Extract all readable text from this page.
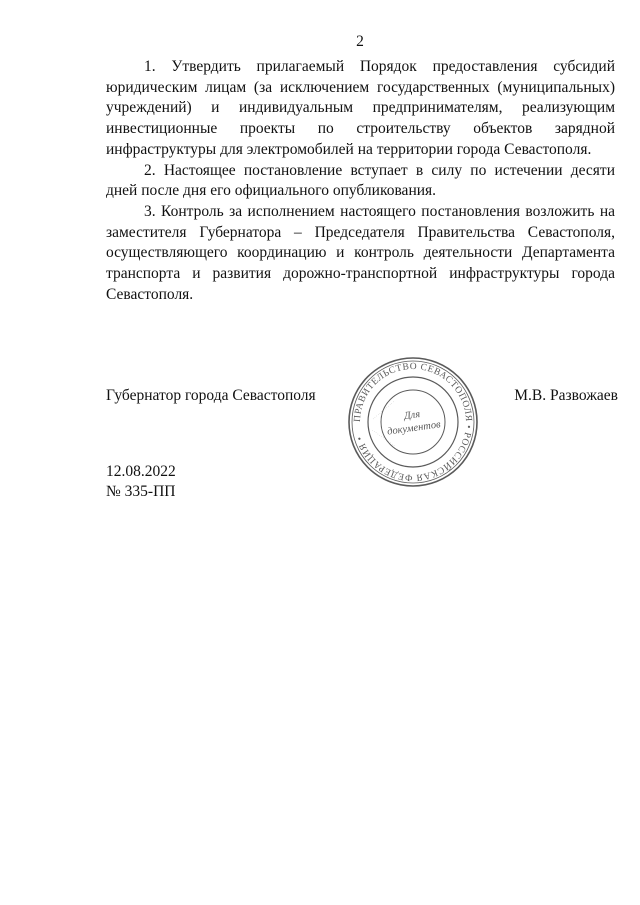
2

1. Утвердить прилагаемый Порядок предоставления субсидий юридическим лицам (за исключением государственных (муниципальных) учреждений) и индивидуальным предпринимателям, реализующим инвестиционные проекты по строительству объектов зарядной инфраструктуры для электромобилей на территории города Севастополя.

2. Настоящее постановление вступает в силу по истечении десяти дней после дня его официального опубликования.

3. Контроль за исполнением настоящего постановления возложить на заместителя Губернатора – Председателя Правительства Севастополя, осуществляющего координацию и контроль деятельности Департамента транспорта и развития дорожно-транспортной инфраструктуры города Севастополя.

Губернатор города Севастополя	М.В. Развожаев
ПРАВИТЕЛЬСТВО СЕВАСТОПОЛЯ • РОССИЙСКАЯ ФЕДЕРАЦИЯ •
Для
документов
· · · · · · · · · · · · ·
· · · · · · · · · · · · ·
12.08.2022
№ 335-ПП
